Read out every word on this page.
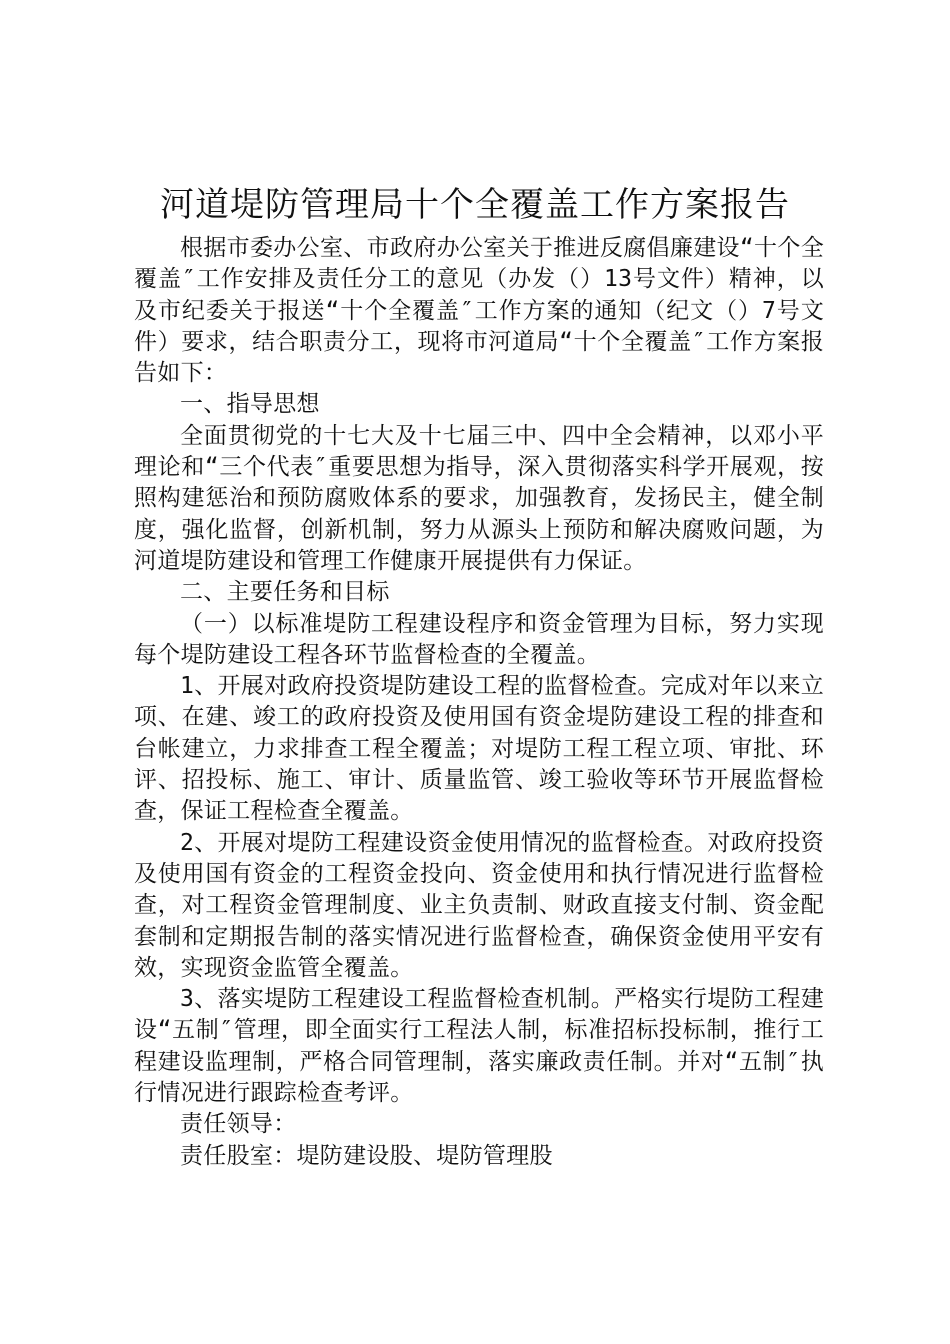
河道堤防管理局十个全覆盖工作方案报告

根据市委办公室、市政府办公室关于推进反腐倡廉建设“十个全覆盖″工作安排及责任分工的意见（办发（）13号文件）精神，以及市纪委关于报送“十个全覆盖″工作方案的通知（纪文（）7号文件）要求，结合职责分工，现将市河道局“十个全覆盖″工作方案报告如下：

一、指导思想

全面贯彻党的十七大及十七届三中、四中全会精神，以邓小平理论和“三个代表″重要思想为指导，深入贯彻落实科学开展观，按照构建惩治和预防腐败体系的要求，加强教育，发扬民主，健全制度，强化监督，创新机制，努力从源头上预防和解决腐败问题，为河道堤防建设和管理工作健康开展提供有力保证。

二、主要任务和目标

（一）以标准堤防工程建设程序和资金管理为目标，努力实现每个堤防建设工程各环节监督检查的全覆盖。

1、开展对政府投资堤防建设工程的监督检查。完成对年以来立项、在建、竣工的政府投资及使用国有资金堤防建设工程的排查和台帐建立，力求排查工程全覆盖；对堤防工程工程立项、审批、环评、招投标、施工、审计、质量监管、竣工验收等环节开展监督检查，保证工程检查全覆盖。

2、开展对堤防工程建设资金使用情况的监督检查。对政府投资及使用国有资金的工程资金投向、资金使用和执行情况进行监督检查，对工程资金管理制度、业主负责制、财政直接支付制、资金配套制和定期报告制的落实情况进行监督检查，确保资金使用平安有效，实现资金监管全覆盖。

3、落实堤防工程建设工程监督检查机制。严格实行堤防工程建设“五制″管理，即全面实行工程法人制，标准招标投标制，推行工程建设监理制，严格合同管理制，落实廉政责任制。并对“五制″执行情况进行跟踪检查考评。

责任领导：

责任股室：堤防建设股、堤防管理股
